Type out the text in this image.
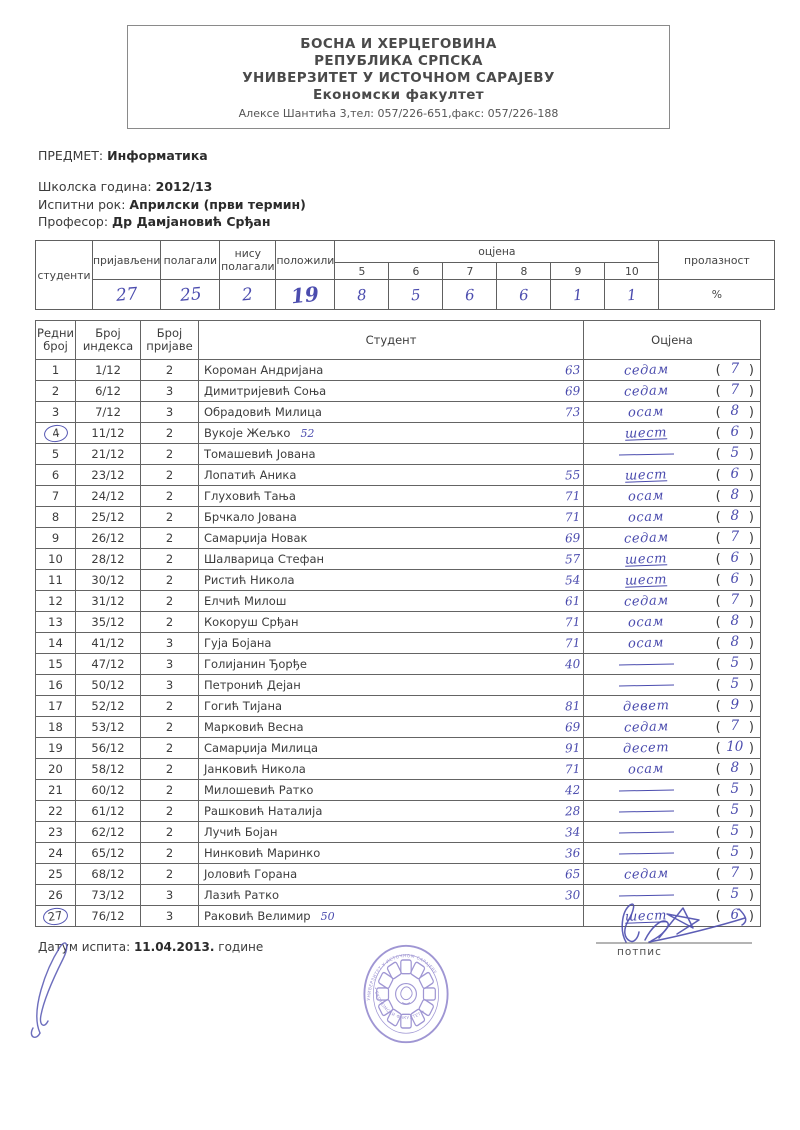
БОСНА И ХЕРЦЕГОВИНА
РЕПУБЛИКА СРПСКА
УНИВЕРЗИТЕТ У ИСТОЧНОМ САРАЈЕВУ
Економски факултет
Алексе Шантића 3,тел: 057/226-651,факс: 057/226-188
ПРЕДМЕТ: Информатика
Школска година: 2012/13
Испитни рок: Априлски (први термин)
Професор: Др Дамјановић Срђан
студенти	пријављени	полагали	нису полагали	положили	оцјена						пролазност
					5	6	7	8	9	10	
	27	25	2	19	8	5	6	6	1	1	%
Редни
број

Број
индекса

Број
пријаве	Студент	Оцјена
1	1/12	2	Короман Андријана 63	седам ( 7 )

2	6/12	3	Димитријевић Соња 69	седам ( 7 )

3	7/12	3	Обрадовић Милица 73	осам ( 8 )

4	11/12	2	Вукоје Жељко 52	шест ( 6 )

5	21/12	2	Томашевић Јована	( 5 )

6	23/12	2	Лопатић Аника 55	шест ( 6 )

7	24/12	2	Глуховић Тања 71	осам ( 8 )

8	25/12	2	Брчкало Јована 71	осам ( 8 )

9	26/12	2	Самарџија Новак 69	седам ( 7 )

10	28/12	2	Шалварица Стефан 57	шест ( 6 )

11	30/12	2	Ристић Никола 54	шест ( 6 )

12	31/12	2	Елчић Милош 61	седам ( 7 )

13	35/12	2	Кокоруш Срђан 71	осам ( 8 )

14	41/12	3	Гуја Бојана 71	осам ( 8 )

15	47/12	3	Голијанин Ђорђе 40	( 5 )

16	50/12	3	Петронић Дејан	( 5 )

17	52/12	2	Гогић Тијана 81	девет ( 9 )

18	53/12	2	Марковић Весна 69	седам ( 7 )

19	56/12	2	Самарџија Милица 91	десет ( 10 )

20	58/12	2	Јанковић Никола 71	осам ( 8 )

21	60/12	2	Милошевић Ратко 42	( 5 )

22	61/12	2	Рашковић Наталија 28	( 5 )

23	62/12	2	Лучић Бојан 34	( 5 )

24	65/12	2	Нинковић Маринко 36	( 5 )

25	68/12	2	Јоловић Горана 65	седам ( 7 )

26	73/12	3	Лазић Ратко 30	( 5 )

27	76/12	3	Раковић Велимир 50	шест ( 6 )
Датум испита: 11.04.2013. године
УНИВЕРЗИТЕТ У ИСТОЧНОМ САРАЈЕВУ
• ЕКОНОМСКИ ФАКУЛТЕТ •
потпис
